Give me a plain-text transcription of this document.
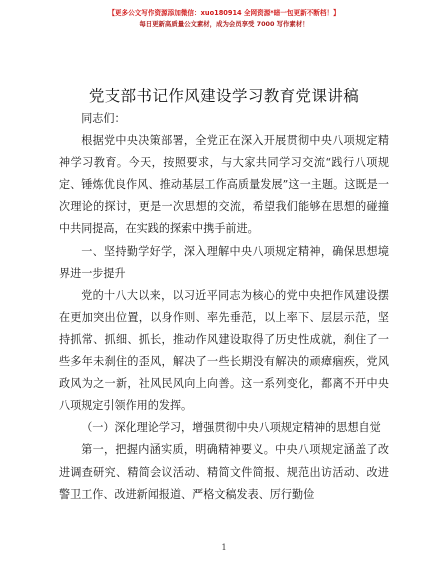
【更多公文写作资源添加微信：xuo180914 全网资源*暗一包更新不断档！】
每日更新高质量公文素材，成为会员享受 7000 写作素材！
党支部书记作风建设学习教育党课讲稿

同志们：

根据党中央决策部署，全党正在深入开展贯彻中央八项规定精神学习教育。今天，按照要求，与大家共同学习交流“践行八项规定、锤炼优良作风、推动基层工作高质量发展”这一主题。这既是一次理论的探讨，更是一次思想的交流，希望我们能够在思想的碰撞中共同提高，在实践的探索中携手前进。

一、坚持勤学好学，深入理解中央八项规定精神，确保思想境界进一步提升

党的十八大以来，以习近平同志为核心的党中央把作风建设摆在更加突出位置，以身作则、率先垂范，以上率下、层层示范，坚持抓常、抓细、抓长，推动作风建设取得了历史性成就，刹住了一些多年未刹住的歪风，解决了一些长期没有解决的顽瘴痼疾，党风政风为之一新，社风民风向上向善。这一系列变化，都离不开中央八项规定引领作用的发挥。

（一）深化理论学习，增强贯彻中央八项规定精神的思想自觉

第一，把握内涵实质，明确精神要义。中央八项规定涵盖了改进调查研究、精简会议活动、精简文件简报、规范出访活动、改进警卫工作、改进新闻报道、严格文稿发表、厉行勤俭

1
